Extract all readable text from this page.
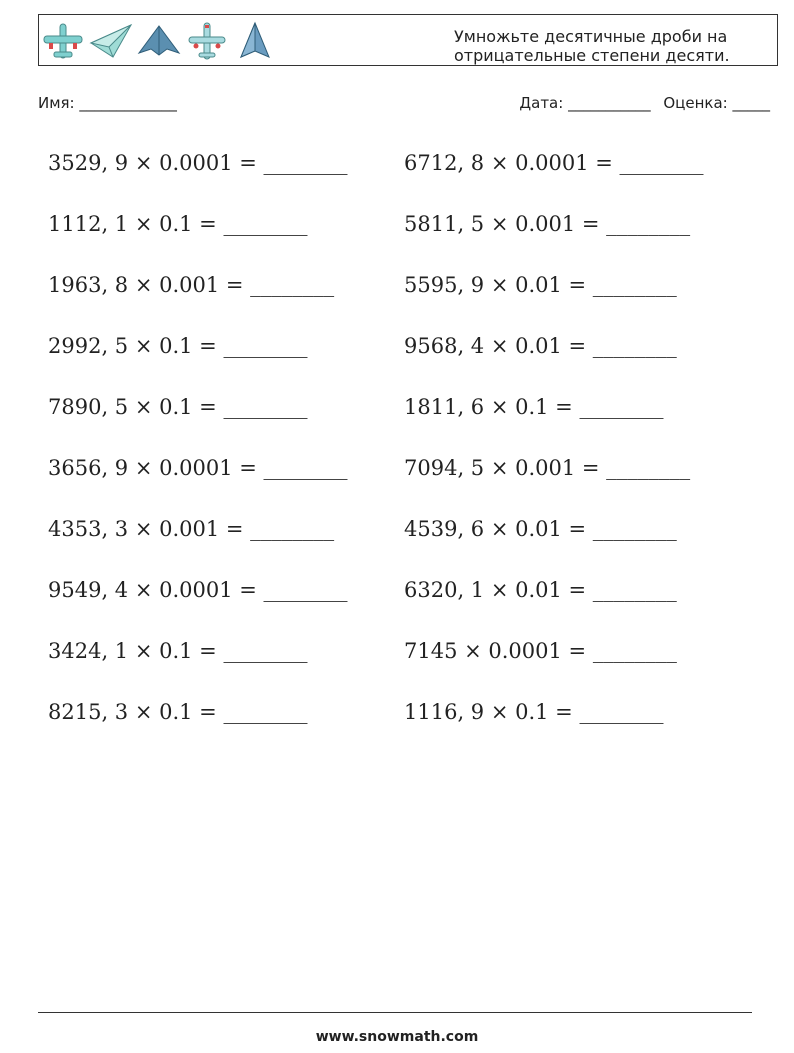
Умножьте десятичные дроби на
отрицательные степени десяти.
Имя: _____________	Дата: ___________ Оценка: _____
3529, 9 × 0.0001 = ________	6712, 8 × 0.0001 = ________
1112, 1 × 0.1 = ________	5811, 5 × 0.001 = ________
1963, 8 × 0.001 = ________	5595, 9 × 0.01 = ________
2992, 5 × 0.1 = ________	9568, 4 × 0.01 = ________
7890, 5 × 0.1 = ________	1811, 6 × 0.1 = ________
3656, 9 × 0.0001 = ________	7094, 5 × 0.001 = ________
4353, 3 × 0.001 = ________	4539, 6 × 0.01 = ________
9549, 4 × 0.0001 = ________	6320, 1 × 0.01 = ________
3424, 1 × 0.1 = ________	7145 × 0.0001 = ________
8215, 3 × 0.1 = ________	1116, 9 × 0.1 = ________
www.snowmath.com
